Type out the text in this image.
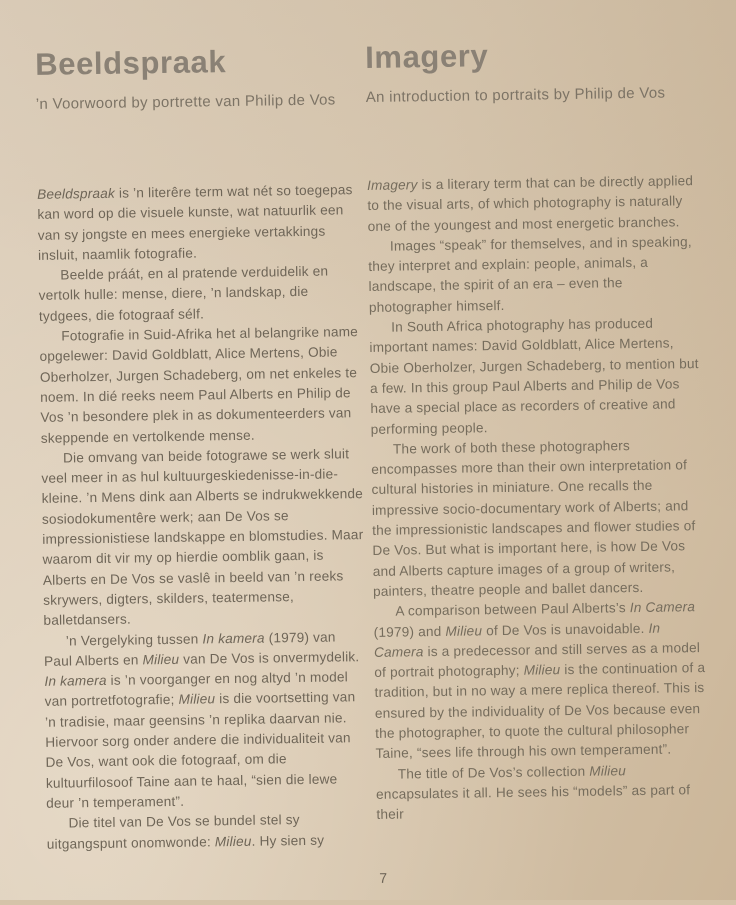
Beeldspraak	Imagery
’n Voorwoord by portrette van Philip de Vos An introduction to portraits by Philip de Vos

Beeldspraak is ’n literêre term wat nét so toegepas kan word op die visuele kunste, wat natuurlik een van sy jongste en mees energieke vertakkings insluit, naamlik fotografie.

Beelde práát, en al pratende verduidelik en vertolk hulle: mense, diere, ’n landskap, die tydgees, die fotograaf sélf.

Fotografie in Suid-Afrika het al belangrike name opgelewer: David Goldblatt, Alice Mertens, Obie Oberholzer, Jurgen Schadeberg, om net enkeles te noem. In dié reeks neem Paul Alberts en Philip de Vos ’n besondere plek in as dokumenteerders van skeppende en vertolkende mense.

Die omvang van beide fotograwe se werk sluit veel meer in as hul kultuurgeskiedenisse-in-die-kleine. ’n Mens dink aan Alberts se indrukwekkende sosiodokumentêre werk; aan De Vos se impressionistiese landskappe en blomstudies. Maar waarom dit vir my op hierdie oomblik gaan, is Alberts en De Vos se vaslê in beeld van ’n reeks skrywers, digters, skilders, teatermense, balletdansers.

’n Vergelyking tussen In kamera (1979) van Paul Alberts en Milieu van De Vos is onvermydelik. In kamera is ’n voorganger en nog altyd ’n model van portretfotografie; Milieu is die voortsetting van ’n tradisie, maar geensins ’n replika daarvan nie. Hiervoor sorg onder andere die individualiteit van De Vos, want ook die fotograaf, om die kultuurfilosoof Taine aan te haal, “sien die lewe deur ’n temperament”.

Die titel van De Vos se bundel stel sy uitgangspunt onomwonde: Milieu. Hy sien sy

Imagery is a literary term that can be directly applied to the visual arts, of which photography is naturally one of the youngest and most energetic branches.

Images “speak” for themselves, and in speaking, they interpret and explain: people, animals, a landscape, the spirit of an era – even the photographer himself.

In South Africa photography has produced important names: David Goldblatt, Alice Mertens, Obie Oberholzer, Jurgen Schadeberg, to mention but a few. In this group Paul Alberts and Philip de Vos have a special place as recorders of creative and performing people.

The work of both these photographers encompasses more than their own interpretation of cultural histories in miniature. One recalls the impressive socio-documentary work of Alberts; and the impressionistic landscapes and flower studies of De Vos. But what is important here, is how De Vos and Alberts capture images of a group of writers, painters, theatre people and ballet dancers.

A comparison between Paul Alberts’s In Camera (1979) and Milieu of De Vos is unavoidable. In Camera is a predecessor and still serves as a model of portrait photography; Milieu is the continuation of a tradition, but in no way a mere replica thereof. This is ensured by the individuality of De Vos because even the photographer, to quote the cultural philosopher Taine, “sees life through his own temperament”.

The title of De Vos’s collection Milieu encapsulates it all. He sees his “models” as part of their

7
